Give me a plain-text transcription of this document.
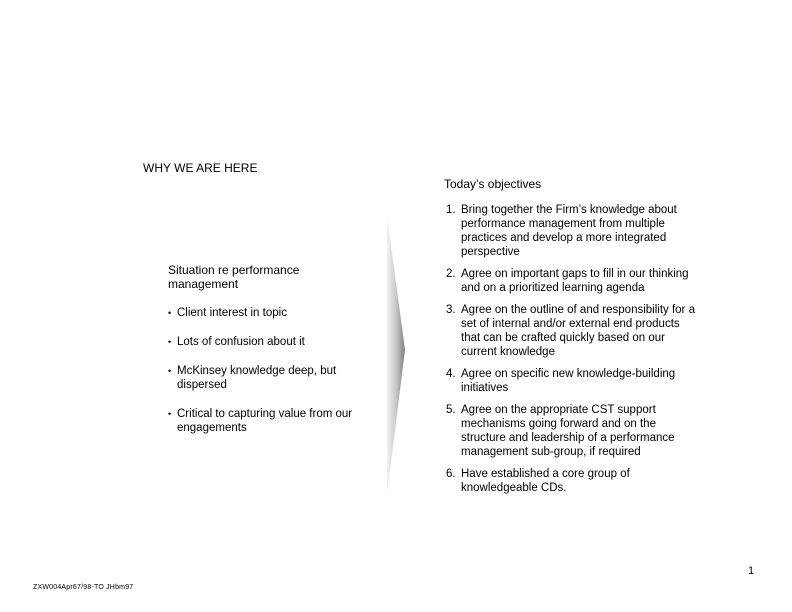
WHY WE ARE HERE
Situation re performance management
• Client interest in topic
• Lots of confusion about it
• McKinsey knowledge deep, but dispersed
• Critical to capturing value from our engagements
Today’s objectives
1. Bring together the Firm’s knowledge about performance management from multiple practices and develop a more integrated perspective
2. Agree on important gaps to fill in our thinking and on a prioritized learning agenda
3. Agree on the outline of and responsibility for a set of internal and/or external end products that can be crafted quickly based on our current knowledge
4. Agree on specific new knowledge-building initiatives
5. Agree on the appropriate CST support mechanisms going forward and on the structure and leadership of a performance management sub-group, if required
6. Have established a core group of knowledgeable CDs.
1
ZXW004Apr67/98-TO JHbm97
